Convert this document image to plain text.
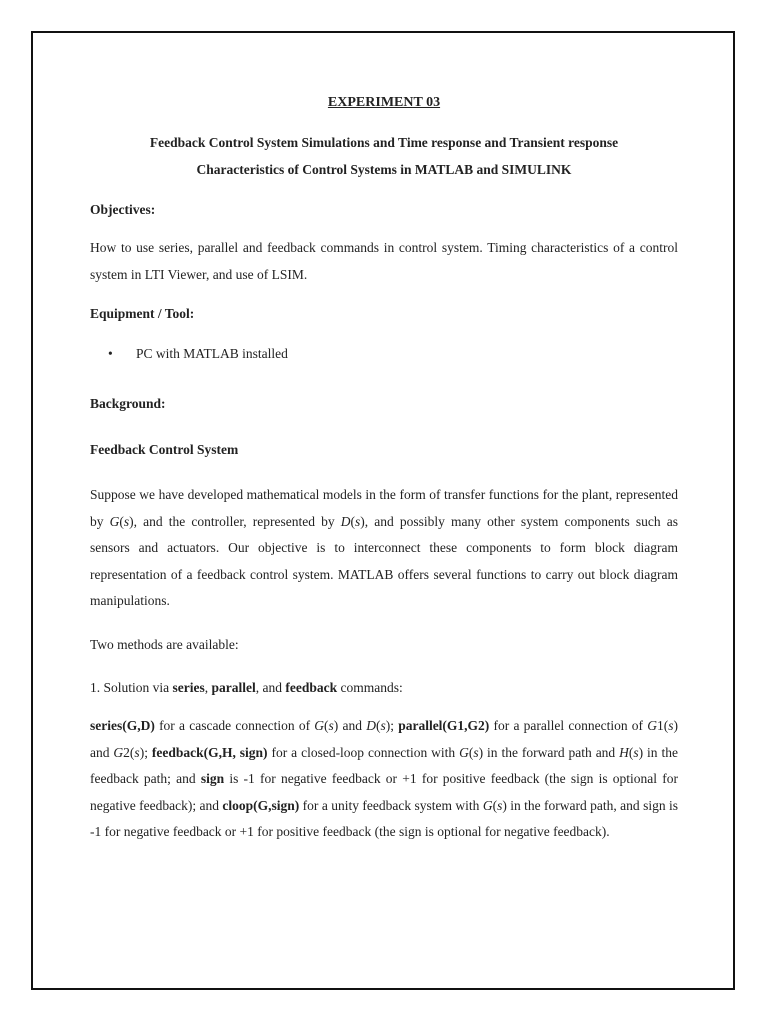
EXPERIMENT 03
Feedback Control System Simulations and Time response and Transient response
Characteristics of Control Systems in MATLAB and SIMULINK
Objectives:
How to use series, parallel and feedback commands in control system. Timing characteristics of a control system in LTI Viewer, and use of LSIM.
Equipment / Tool:
• PC with MATLAB installed
Background:
Feedback Control System
Suppose we have developed mathematical models in the form of transfer functions for the plant, represented by G(s), and the controller, represented by D(s), and possibly many other system components such as sensors and actuators. Our objective is to interconnect these components to form block diagram representation of a feedback control system. MATLAB offers several functions to carry out block diagram manipulations.
Two methods are available:
1. Solution via series, parallel, and feedback commands:
series(G,D) for a cascade connection of G(s) and D(s); parallel(G1,G2) for a parallel connection of G1(s) and G2(s); feedback(G,H, sign) for a closed-loop connection with G(s) in the forward path and H(s) in the feedback path; and sign is -1 for negative feedback or +1 for positive feedback (the sign is optional for negative feedback); and cloop(G,sign) for a unity feedback system with G(s) in the forward path, and sign is -1 for negative feedback or +1 for positive feedback (the sign is optional for negative feedback).
